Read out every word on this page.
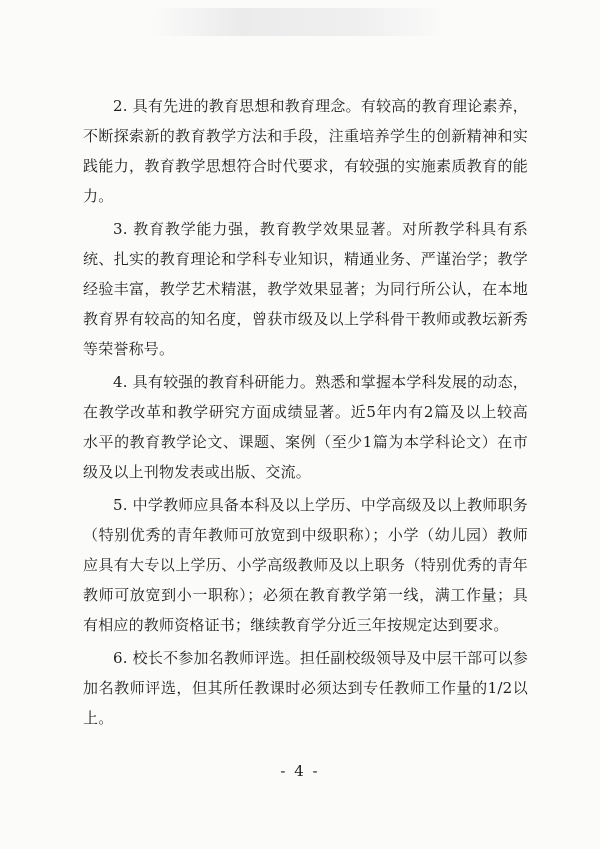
2. 具有先进的教育思想和教育理念。有较高的教育理论素养，不断探索新的教育教学方法和手段，注重培养学生的创新精神和实践能力，教育教学思想符合时代要求，有较强的实施素质教育的能力。

3. 教育教学能力强，教育教学效果显著。对所教学科具有系统、扎实的教育理论和学科专业知识，精通业务、严谨治学；教学经验丰富，教学艺术精湛，教学效果显著；为同行所公认，在本地教育界有较高的知名度，曾获市级及以上学科骨干教师或教坛新秀等荣誉称号。

4. 具有较强的教育科研能力。熟悉和掌握本学科发展的动态，在教学改革和教学研究方面成绩显著。近5年内有2篇及以上较高水平的教育教学论文、课题、案例（至少1篇为本学科论文）在市级及以上刊物发表或出版、交流。

5. 中学教师应具备本科及以上学历、中学高级及以上教师职务（特别优秀的青年教师可放宽到中级职称）；小学（幼儿园）教师应具有大专以上学历、小学高级教师及以上职务（特别优秀的青年教师可放宽到小一职称）；必须在教育教学第一线，满工作量；具有相应的教师资格证书；继续教育学分近三年按规定达到要求。

6. 校长不参加名教师评选。担任副校级领导及中层干部可以参加名教师评选，但其所任教课时必须达到专任教师工作量的1/2以上。

- 4 -
